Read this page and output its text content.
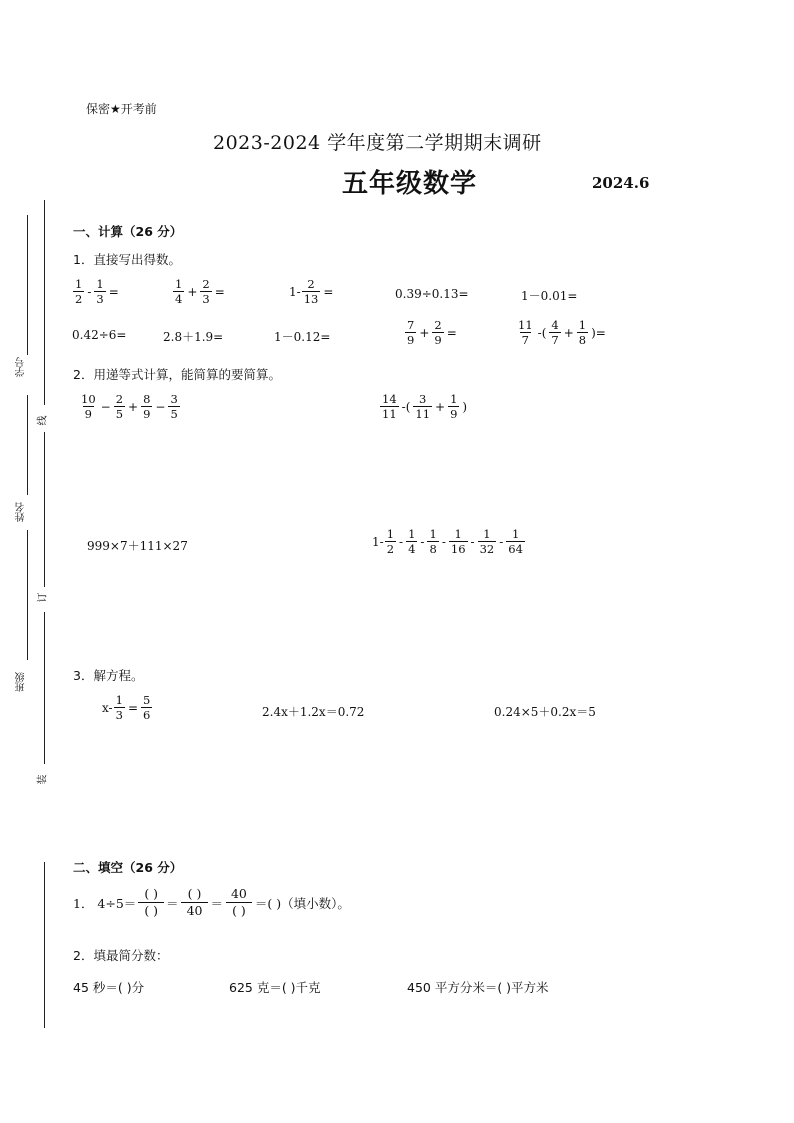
保密★开考前
2023-2024 学年度第二学期期末调研
五年级数学	2024.6
学号
姓名
班级
线
订
装
一、计算（26 分）
1．直接写出得数。
$\frac{1}{2} - \frac{1}{3}$ =	$\frac{1}{4} + \frac{2}{3}$ =	$1- \frac{2}{13}$ =	0.39÷0.13=	1－0.01=
0.42÷6=	2.8＋1.9=	1－0.12=	$\frac{7}{9} + \frac{2}{9}$ =	$\frac{11}{7}$ -( $\frac{4}{7} + \frac{1}{8}$ )=
2．用递等式计算，能简算的要简算。
$\frac{10}{9} - \frac{2}{5} + \frac{8}{9} - \frac{3}{5}$	$\frac{14}{11}$ -( $\frac{3}{11} + \frac{1}{9}$ )
999×7＋111×27	$1- \frac{1}{2} - \frac{1}{4} - \frac{1}{8} - \frac{1}{16} - \frac{1}{32} - \frac{1}{64}$
3．解方程。
$x- \frac{1}{3} = \frac{5}{6}$	2.4x＋1.2x＝0.72	0.24×5＋0.2x＝5
二、填空（26 分）
1． 4÷5＝
( )
( ) ＝
( )
40 ＝
40
( ) ＝( )（填小数）。
2．填最简分数：
45 秒＝( )分	625 克＝( )千克	450 平方分米＝( )平方米
